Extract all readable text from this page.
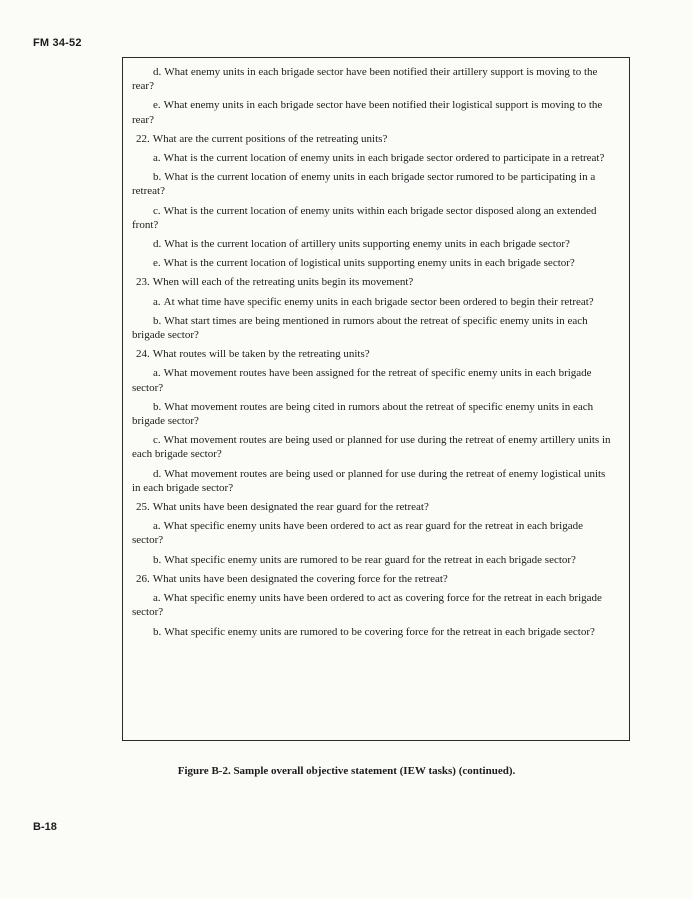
FM 34-52

d. What enemy units in each brigade sector have been notified their artillery support is moving to the rear?

e. What enemy units in each brigade sector have been notified their logistical support is moving to the rear?

22. What are the current positions of the retreating units?

a. What is the current location of enemy units in each brigade sector ordered to participate in a retreat?

b. What is the current location of enemy units in each brigade sector rumored to be participating in a retreat?

c. What is the current location of enemy units within each brigade sector disposed along an extended front?

d. What is the current location of artillery units supporting enemy units in each brigade sector?

e. What is the current location of logistical units supporting enemy units in each brigade sector?

23. When will each of the retreating units begin its movement?

a. At what time have specific enemy units in each brigade sector been ordered to begin their retreat?

b. What start times are being mentioned in rumors about the retreat of specific enemy units in each brigade sector?

24. What routes will be taken by the retreating units?

a. What movement routes have been assigned for the retreat of specific enemy units in each brigade sector?

b. What movement routes are being cited in rumors about the retreat of specific enemy units in each brigade sector?

c. What movement routes are being used or planned for use during the retreat of enemy artillery units in each brigade sector?

d. What movement routes are being used or planned for use during the retreat of enemy logistical units in each brigade sector?

25. What units have been designated the rear guard for the retreat?

a. What specific enemy units have been ordered to act as rear guard for the retreat in each brigade sector?

b. What specific enemy units are rumored to be rear guard for the retreat in each brigade sector?

26. What units have been designated the covering force for the retreat?

a. What specific enemy units have been ordered to act as covering force for the retreat in each brigade sector?

b. What specific enemy units are rumored to be covering force for the retreat in each brigade sector?

Figure B-2. Sample overall objective statement (IEW tasks) (continued).
B-18
